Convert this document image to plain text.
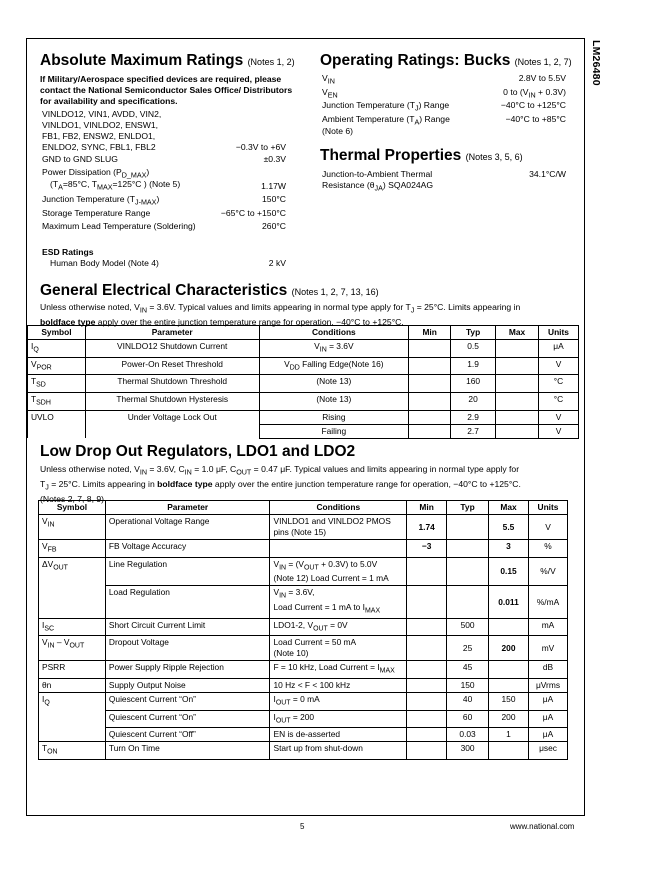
LM26480
Absolute Maximum Ratings (Notes 1, 2)
If Military/Aerospace specified devices are required, please contact the National Semiconductor Sales Office/ Distributors for availability and specifications.
VINLDO12, VIN1, AVDD, VIN2,
VINLDO1, VINLDO2, ENSW1,
FB1, FB2, ENSW2, ENLDO1,
ENLDO2, SYNC, FBL1, FBL2	−0.3V to +6V
GND to GND SLUG	±0.3V
Power Dissipation $(P_{D\_MAX})$
($T_A=85^\circ C$, $T_{MAX}=125^\circ C$ ) (Note 5)	1.17W
Junction Temperature $(T_{J-MAX})$	150°C
Storage Temperature Range	−65°C to +150°C
Maximum Lead Temperature (Soldering)	260°C
ESD Ratings
Human Body Model (Note 4)	2 kV
Operating Ratings: Bucks (Notes 1, 2, 7)
$V_{IN}$	2.8V to 5.5V
$V_{EN}$	0 to $(V_{IN} + 0.3V)$
Junction Temperature $(T_J)$ Range	−40°C to +125°C
Ambient Temperature $(T_A)$ Range	−40°C to +85°C
(Note 6)
Thermal Properties (Notes 3, 5, 6)
Junction-to-Ambient Thermal
Resistance $(\theta_{JA})$ SQA024AG
34.1°C/W
General Electrical Characteristics (Notes 1, 2, 7, 13, 16)
Unless otherwise noted, $V_{IN} = 3.6V$. Typical values and limits appearing in normal type apply for $T_J = 25^\circ C$. Limits appearing in
boldface type apply over the entire junction temperature range for operation, −40°C to +125°C.
Symbol	Parameter	Conditions	Min	Typ	Max	Units
$I_Q$	VINLDO12 Shutdown Current	$V_{IN} = 3.6V$		0.5		μA
$V_{POR}$	Power-On Reset Threshold	$V_{DD}$ Falling Edge(Note 16)		1.9		V
$T_{SD}$	Thermal Shutdown Threshold	(Note 13)		160		°C
$T_{SDH}$	Thermal Shutdown Hysteresis	(Note 13)		20		°C
UVLO	Under Voltage Lock Out	Rising		2.9		V
		Failing		2.7		V
Low Drop Out Regulators, LDO1 and LDO2
Unless otherwise noted, $V_{IN} = 3.6V$, $C_{IN} = 1.0$ μF, $C_{OUT} = 0.47$ μF. Typical values and limits appearing in normal type apply for
$T_J = 25^\circ C$. Limits appearing in boldface type apply over the entire junction temperature range for operation, −40°C to +125°C.
(Notes 2, 7, 8, 9)
Symbol	Parameter	Conditions	Min	Typ	Max	Units
$V_{IN}$	Operational Voltage Range	VINLDO1 and VINLDO2 PMOS
pins (Note 15)	1.74		5.5	V
$V_{FB}$	FB Voltage Accuracy		−3		3	%
$\Delta V_{OUT}$	Line Regulation	$V_{IN} = (V_{OUT} + 0.3V)$ to 5.0V
(Note 12) Load Current = 1 mA			0.15	%/V
	Load Regulation	$V_{IN} = 3.6V$,
Load Current = 1 mA to $I_{MAX}$			0.011	%/mA
$I_{SC}$	Short Circuit Current Limit	LDO1-2, $V_{OUT} = 0V$		500		mA
$V_{IN} - V_{OUT}$	Dropout Voltage	Load Current = 50 mA
(Note 10)		25	200	mV
PSRR	Power Supply Ripple Rejection	F = 10 kHz, Load Current = $I_{MAX}$		45		dB
θn	Supply Output Noise	10 Hz < F < 100 kHz		150		μVrms
$I_Q$	Quiescent Current “On”	$I_{OUT} = 0$ mA		40	150	μA
	Quiescent Current “On”	$I_{OUT} = 200$		60	200	μA
	Quiescent Current “Off”	EN is de-asserted		0.03	1	μA
$T_{ON}$	Turn On Time	Start up from shut-down		300		μsec
5	www.national.com
